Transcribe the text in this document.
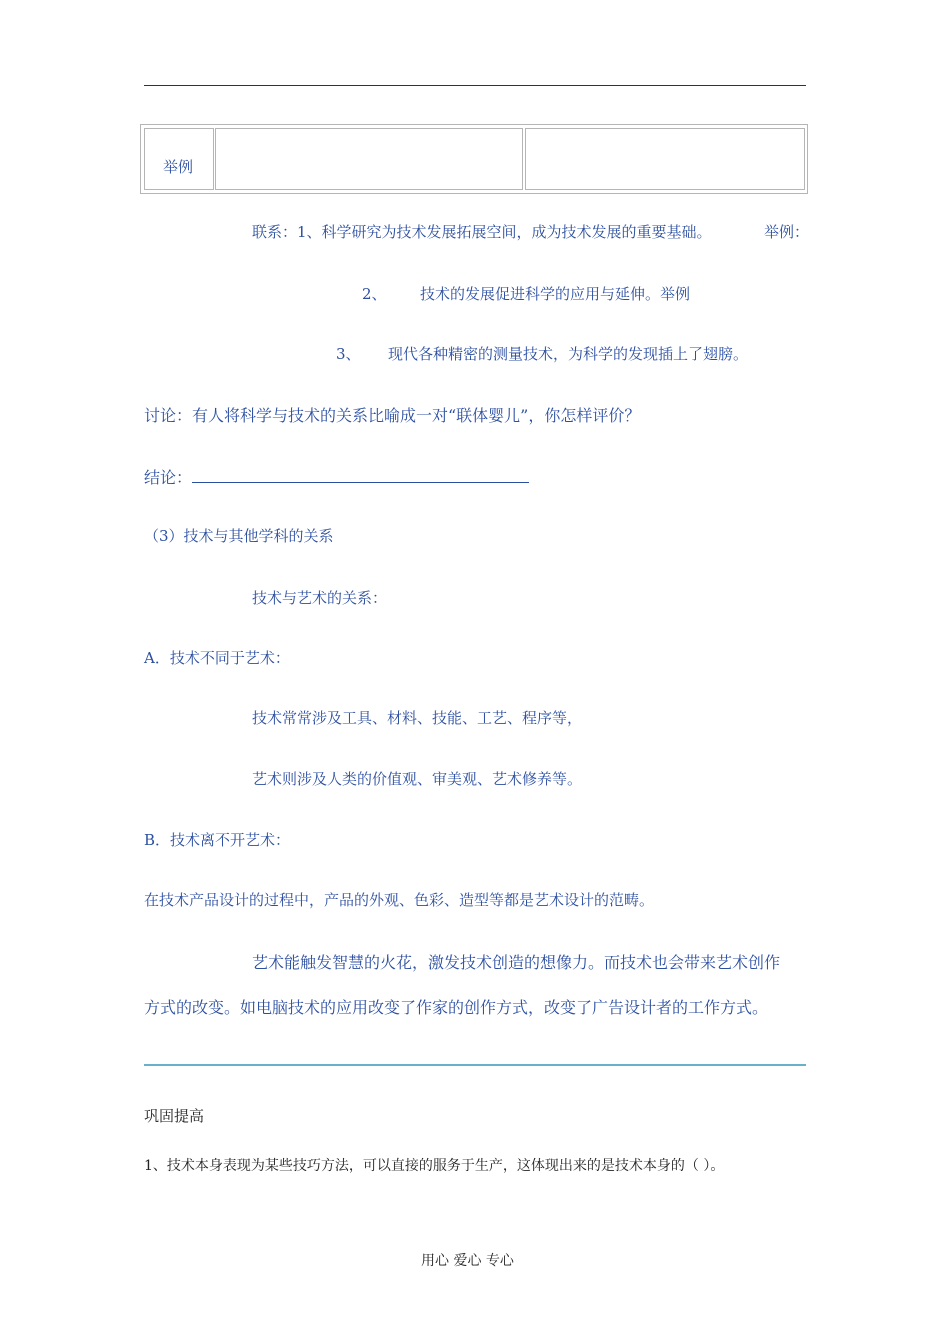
举例
联系：1、科学研究为技术发展拓展空间，成为技术发展的重要基础。	举例：
2、 技术的发展促进科学的应用与延伸。举例
3、 现代各种精密的测量技术，为科学的发现插上了翅膀。
讨论：有人将科学与技术的关系比喻成一对“联体婴儿”，你怎样评价？
结论：
（3）技术与其他学科的关系
技术与艺术的关系：
A．技术不同于艺术：
技术常常涉及工具、材料、技能、工艺、程序等，
艺术则涉及人类的价值观、审美观、艺术修养等。
B．技术离不开艺术：
在技术产品设计的过程中，产品的外观、色彩、造型等都是艺术设计的范畴。
艺术能触发智慧的火花，激发技术创造的想像力。而技术也会带来艺术创作
方式的改变。如电脑技术的应用改变了作家的创作方式，改变了广告设计者的工作方式。
巩固提高
1、技术本身表现为某些技巧方法，可以直接的服务于生产，这体现出来的是技术本身的（ ）。
用心 爱心 专心
